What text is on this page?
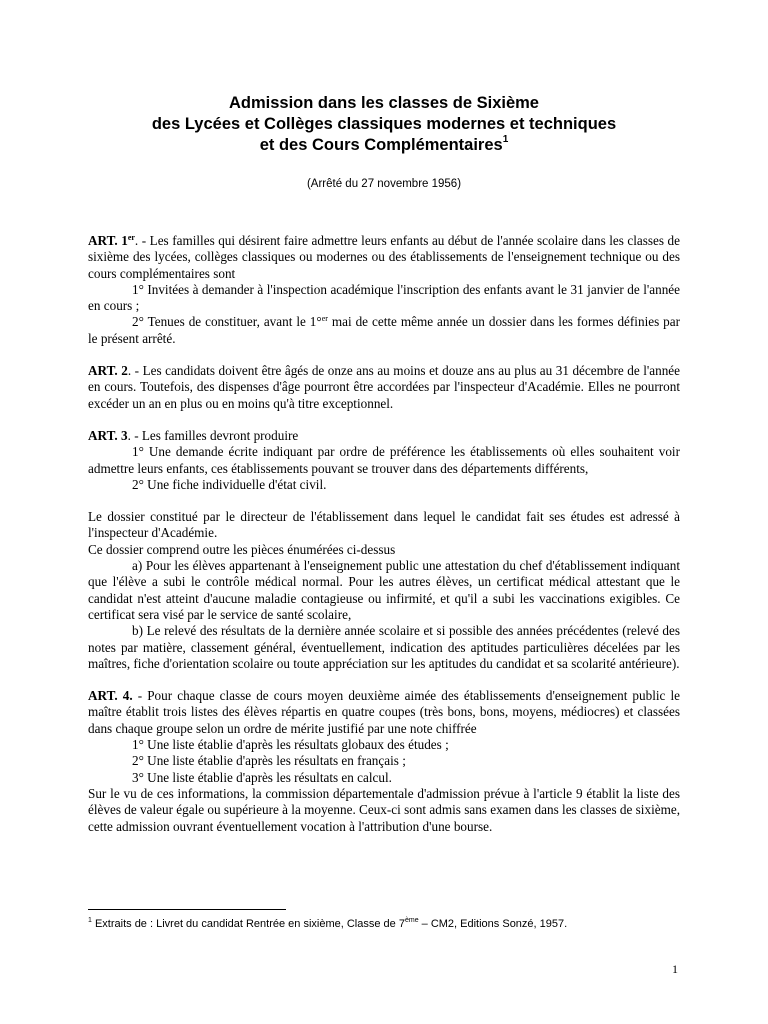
Admission dans les classes de Sixième
des Lycées et Collèges classiques modernes et techniques
et des Cours Complémentaires$^1$
(Arrêté du 27 novembre 1956)

ART. 1er. - Les familles qui désirent faire admettre leurs enfants au début de l'année scolaire dans les classes de sixième des lycées, collèges classiques ou modernes ou des établissements de l'enseignement technique ou des cours complémentaires sont

1° Invitées à demander à l'inspection académique l'inscription des enfants avant le 31 janvier de l'année en cours ;

2° Tenues de constituer, avant le 1°$^{er}$ mai de cette même année un dossier dans les formes définies par le présent arrêté.

ART. 2. - Les candidats doivent être âgés de onze ans au moins et douze ans au plus au 31 décembre de l'année en cours. Toutefois, des dispenses d'âge pourront être accordées par l'inspecteur d'Académie. Elles ne pourront excéder un an en plus ou en moins qu'à titre exceptionnel.

ART. 3. - Les familles devront produire

1° Une demande écrite indiquant par ordre de préférence les établissements où elles souhaitent voir admettre leurs enfants, ces établissements pouvant se trouver dans des départements différents,

2° Une fiche individuelle d'état civil.

Le dossier constitué par le directeur de l'établissement dans lequel le candidat fait ses études est adressé à l'inspecteur d'Académie.

Ce dossier comprend outre les pièces énumérées ci-dessus

a) Pour les élèves appartenant à l'enseignement public une attestation du chef d'établissement indiquant que l'élève a subi le contrôle médical normal. Pour les autres élèves, un certificat médical attestant que le candidat n'est atteint d'aucune maladie contagieuse ou infirmité, et qu'il a subi les vaccinations exigibles. Ce certificat sera visé par le service de santé scolaire,

b) Le relevé des résultats de la dernière année scolaire et si possible des années précédentes (relevé des notes par matière, classement général, éventuellement, indication des aptitudes particulières décelées par les maîtres, fiche d'orientation scolaire ou toute appréciation sur les aptitudes du candidat et sa scolarité antérieure).

ART. 4. - Pour chaque classe de cours moyen deuxième aimée des établissements d'enseignement public le maître établit trois listes des élèves répartis en quatre coupes (très bons, bons, moyens, médiocres) et classées dans chaque groupe selon un ordre de mérite justifié par une note chiffrée

1° Une liste établie d'après les résultats globaux des études ;

2° Une liste établie d'après les résultats en français ;

3° Une liste établie d'après les résultats en calcul.

Sur le vu de ces informations, la commission départementale d'admission prévue à l'article 9 établit la liste des élèves de valeur égale ou supérieure à la moyenne. Ceux-ci sont admis sans examen dans les classes de sixième, cette admission ouvrant éventuellement vocation à l'attribution d'une bourse.

$^1$ Extraits de : Livret du candidat Rentrée en sixième, Classe de 7ème – CM2, Editions Sonzé, 1957.
1
